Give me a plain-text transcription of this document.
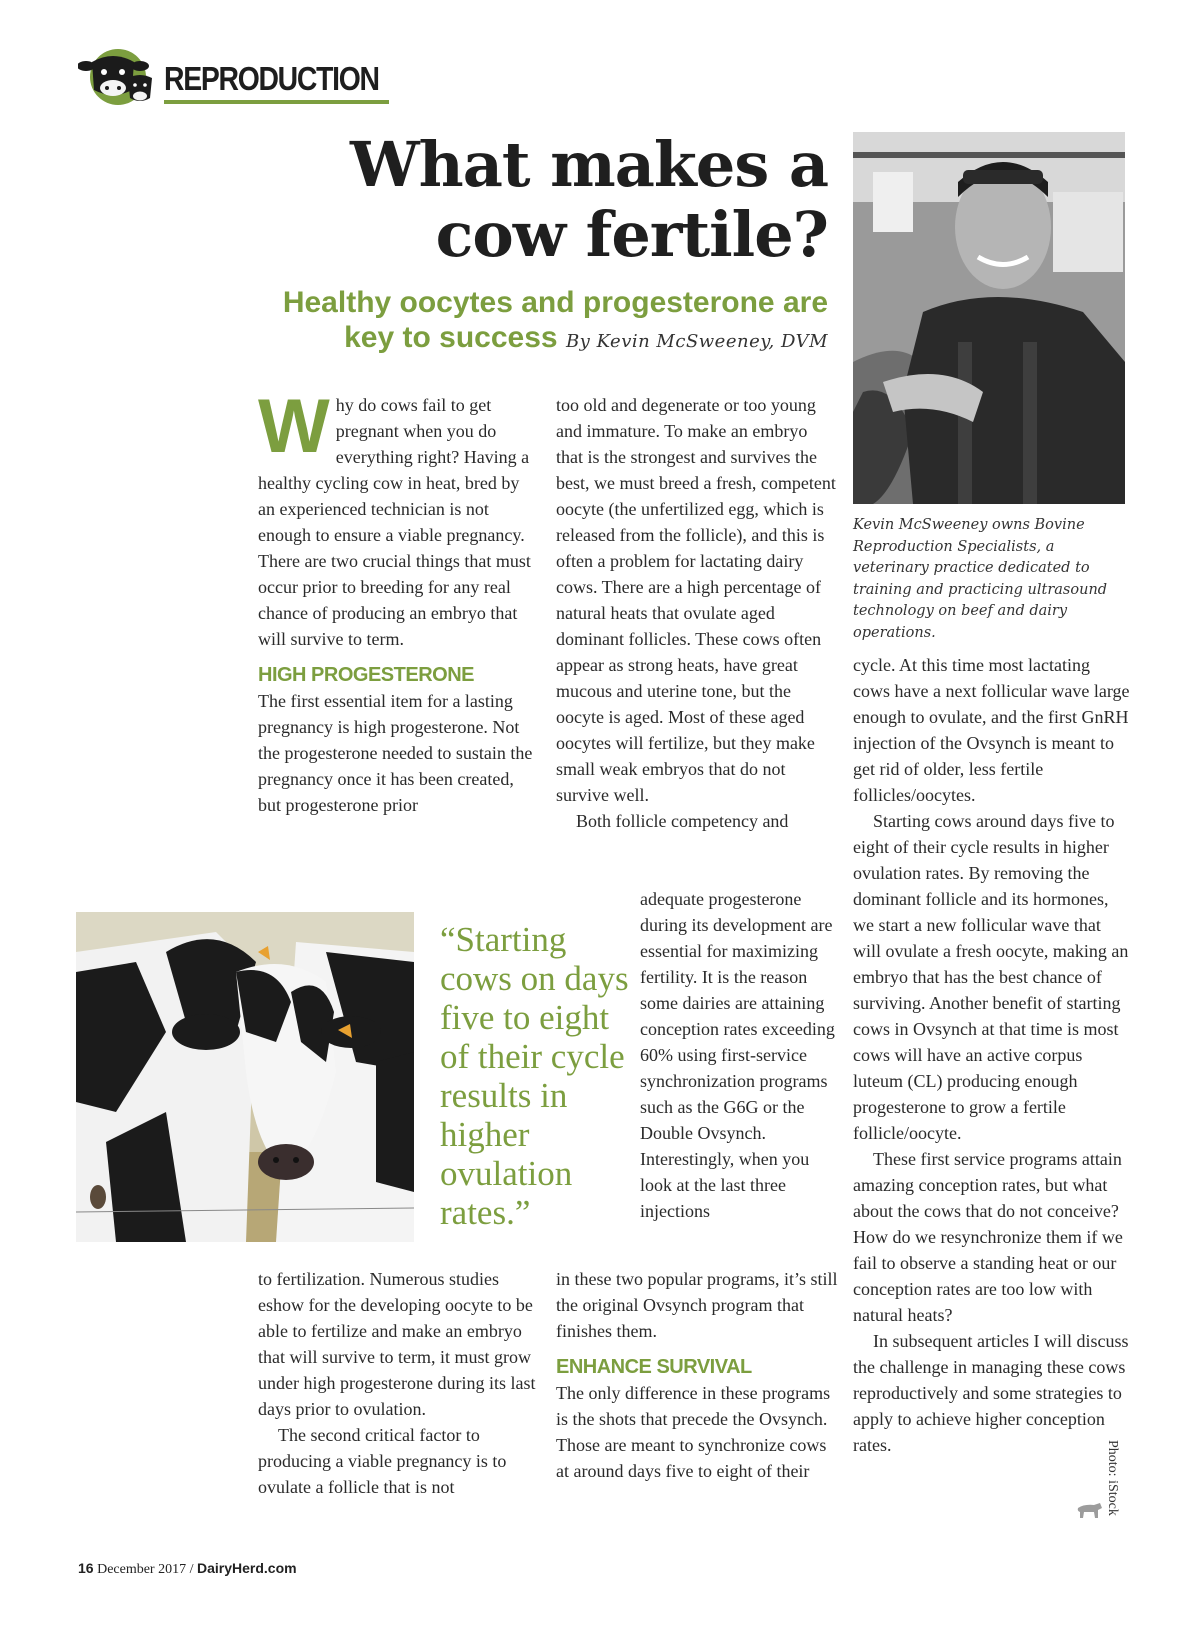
REPRODUCTION
What makes a cow fertile?
Healthy oocytes and progesterone are key to success By Kevin McSweeney, DVM
Kevin McSweeney owns Bovine Reproduction Specialists, a veterinary practice dedicated to training and practicing ultrasound technology on beef and dairy operations.

Why do cows fail to get pregnant when you do everything right? Having a healthy cycling cow in heat, bred by an experienced technician is not enough to ensure a viable pregnancy. There are two crucial things that must occur prior to breeding for any real chance of producing an embryo that will survive to term.

HIGH PROGESTERONE

The first essential item for a lasting pregnancy is high progesterone. Not the progesterone needed to sustain the pregnancy once it has been created, but progesterone prior

to fertilization. Numerous studies eshow for the developing oocyte to be able to fertilize and make an embryo that will survive to term, it must grow under high progesterone during its last days prior to ovulation.

The second critical factor to producing a viable pregnancy is to ovulate a follicle that is not

too old and degenerate or too young and immature. To make an embryo that is the strongest and survives the best, we must breed a fresh, competent oocyte (the unfertilized egg, which is released from the follicle), and this is often a problem for lactating dairy cows. There are a high percentage of natural heats that ovulate aged dominant follicles. These cows often appear as strong heats, have great mucous and uterine tone, but the oocyte is aged. Most of these aged oocytes will fertilize, but they make small weak embryos that do not survive well.

Both follicle competency and

adequate progesterone during its development are essential for maximizing fertility. It is the reason some dairies are attaining conception rates exceeding 60% using first-service synchronization programs such as the G6G or the Double Ovsynch. Interestingly, when you look at the last three injections

in these two popular programs, it’s still the original Ovsynch program that finishes them.

ENHANCE SURVIVAL

The only difference in these programs is the shots that precede the Ovsynch. Those are meant to synchronize cows at around days five to eight of their

cycle. At this time most lactating cows have a next follicular wave large enough to ovulate, and the first GnRH injection of the Ovsynch is meant to get rid of older, less fertile follicles/oocytes.

Starting cows around days five to eight of their cycle results in higher ovulation rates. By removing the dominant follicle and its hormones, we start a new follicular wave that will ovulate a fresh oocyte, making an embryo that has the best chance of surviving. Another benefit of starting cows in Ovsynch at that time is most cows will have an active corpus luteum (CL) producing enough progesterone to grow a fertile follicle/oocyte.

These first service programs attain amazing conception rates, but what about the cows that do not conceive? How do we resynchronize them if we fail to observe a standing heat or our conception rates are too low with natural heats?

In subsequent articles I will discuss the challenge in managing these cows reproductively and some strategies to apply to achieve higher conception rates.

“Starting cows on days five to eight of their cycle results in higher ovulation rates.”
Photo: iStock
16 December 2017 / DairyHerd.com
